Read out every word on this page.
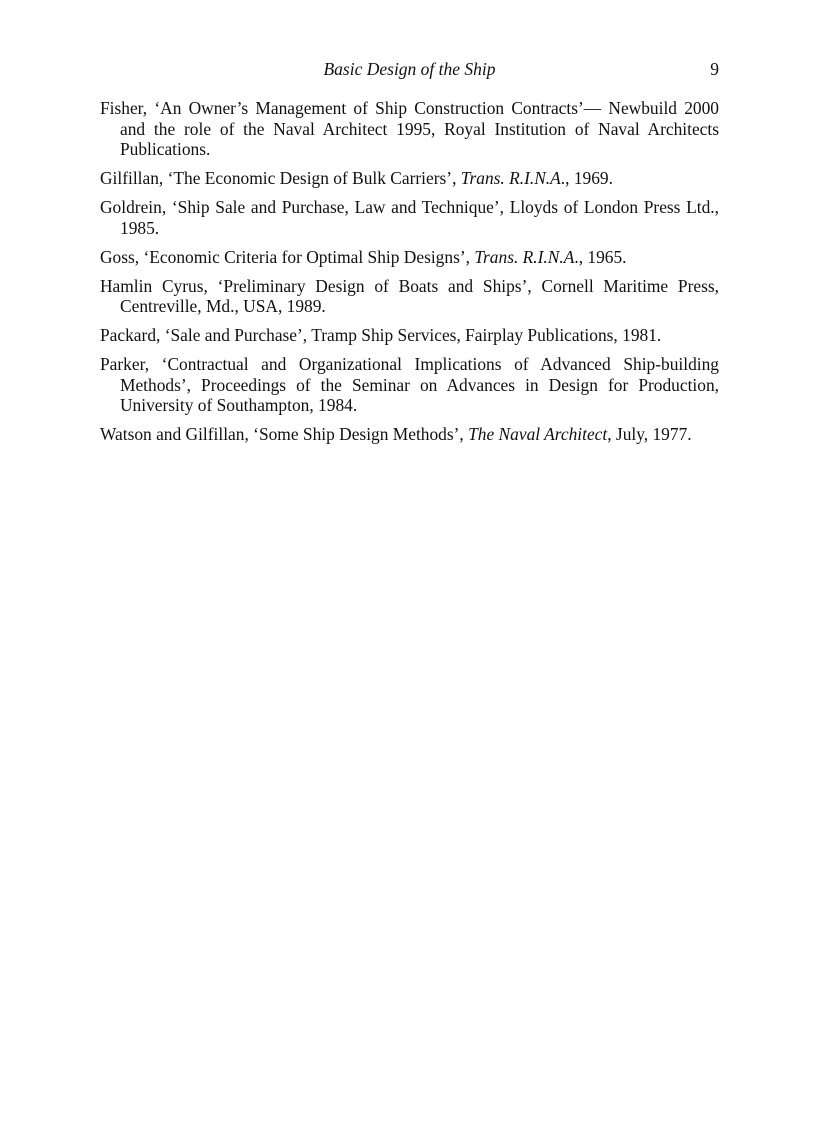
Basic Design of the Ship	9

Fisher, ‘An Owner’s Management of Ship Construction Contracts’— Newbuild 2000 and the role of the Naval Architect 1995, Royal Institution of Naval Architects Publications.

Gilfillan, ‘The Economic Design of Bulk Carriers’, Trans. R.I.N.A., 1969.

Goldrein, ‘Ship Sale and Purchase, Law and Technique’, Lloyds of London Press Ltd., 1985.

Goss, ‘Economic Criteria for Optimal Ship Designs’, Trans. R.I.N.A., 1965.

Hamlin Cyrus, ‘Preliminary Design of Boats and Ships’, Cornell Maritime Press, Centreville, Md., USA, 1989.

Packard, ‘Sale and Purchase’, Tramp Ship Services, Fairplay Publications, 1981.

Parker, ‘Contractual and Organizational Implications of Advanced Ship-building Methods’, Proceedings of the Seminar on Advances in Design for Production, University of Southampton, 1984.

Watson and Gilfillan, ‘Some Ship Design Methods’, The Naval Architect, July, 1977.
